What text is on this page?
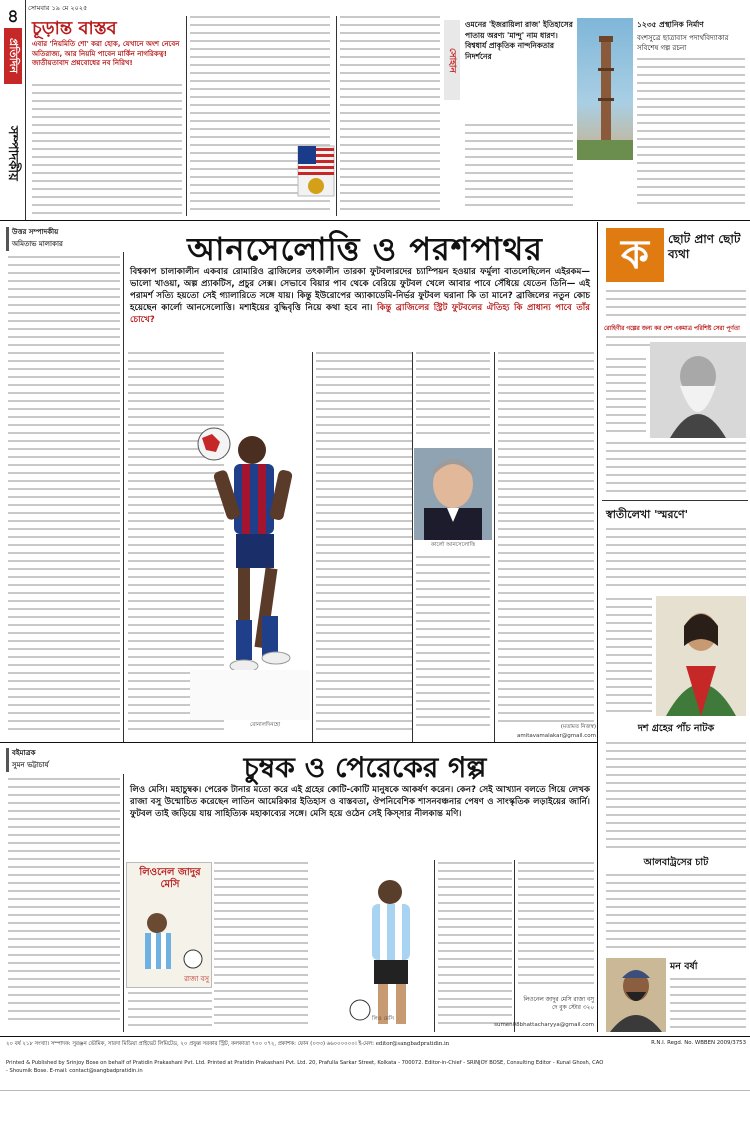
৪
প্রতিদিন
সোমবার ১৯ মে ২০২৫
সম্পাদকীয়
চূড়ান্ত বাস্তব
এবার 'নিয়মিতি শো' করা হোক, যেখানে অংশ নেবেন অতিরাজ্য, আর নিয়মি পাবেন মার্কিন নাগরিকত্ব! জাতীয়তাবাদ প্রশ্নবোধের নব নিরিখ!	সোহান
ওমনের 'ইজরায়িলা রাজ' ইতিহাসের পাতায় অরণ্য 'মান্দু' নাম ধারণ। বিশ্বধার্য প্রাকৃতিক নান্দনিকতার নিদর্শনের
১২৩৫ প্রস্থানিক নির্মাণ
বংশসুত্রে ছাত্রাবাস পদার্থবিদ্যাকার সবিশেষ গল্প রচনা
উত্তর সম্পাদকীয়
অমিতাভ মালাকার	আনসেলোত্তি ও পরশপাথর
বিশ্বকাপ চালাকালীন একবার রোমারিও ব্রাজিলের তৎকালীন তারকা ফুটবলারদের চ্যাম্পিয়ন হওয়ার ফর্মুলা বাতলেছিলেন এইরকম— ভালো খাওয়া, অল্প প্র্যাকটিস, প্রচুর সেক্স। সেভাবে বিয়ার পাব থেকে বেরিয়ে ফুটবল খেলে আবার পাবে সেঁধিয়ে যেতেন তিনি— এই পরামর্শ সত্যি হয়তো সেই গ্যালারিতে সঙ্গে যায়। কিন্তু ইউরোপের অ্যাকাডেমি-নির্ভর ফুটবল ঘরানা কি তা মানে? ব্রাজিলের নতুন কোচ হয়েছেন কার্লো আনসেলোত্তি। মশাইয়ের বুদ্ধিবৃত্তি নিয়ে কথা হবে না। কিন্তু ব্রাজিলের স্ট্রিট ফুটবলের ঐতিহ্য কি প্রাধান্য পাবে তাঁর চোখে?
রোনালদিনহো
কার্লো আনসেলোত্তি
(মতামত নিজস্ব)
amitavamalakar@gmail.com
ক	ছোট প্রাণ ছোট ব্যথা
রোহিণীর গল্পের জন্য কর দেশ একমাত্র পরিশিষ্ট সেরা পূর্ণতা
স্বাতীলেখা 'স্মরণে'
দশ গ্রহের পাঁচ নাটক
বইমাত্রক
সুমন ভট্টাচার্য	চুম্বক ও পেরেকের গল্প
লিও মেসি। মহাচুম্বক। পেরেক টানার মতো করে এই গ্রহের কোটি-কোটি মানুষকে আকর্ষণ করেন। কেন? সেই আখ্যান বলতে গিয়ে লেখক রাজা বসু উন্মোচিত করেছেন লাতিন আমেরিকার ইতিহাস ও বাস্তবতা, ঔপনিবেশিক শাসনবঞ্চনার পেষণ ও সাংস্কৃতিক লড়াইয়ের জার্নি। ফুটবল তাই জড়িয়ে যায় সাহিত্যিক মহাকাব্যের সঙ্গে। মেসি হয়ে ওঠেন সেই কিস্সার নীলকান্ত মণি।
লিওনেল জাদুর মেসি
রাজা বসু
লিও মেসি
লিওনেল জাদুর মেসি রাজা বসু দে বুক স্টোর ৩২০
sumen08bhattacharyya@gmail.com
আলবাট্রসের চাট
মন বর্ষা
২০ বর্ষ ২১৮ সংখ্যা। সম্পাদক: সুরঞ্জন ভৌমিক, সারদা মিডিয়া প্রাইভেট লিমিটেড, ২০ প্রফুল্ল সরকার স্ট্রিট, কলকাতা ৭০০ ০৭২, প্রকাশক: ফোন (০৩৩) ৬৬০০০০০০। ই-মেল: editor@sangbadpratidin.in
Printed & Published by Srinjoy Bose on behalf of Pratidin Prakashani Pvt. Ltd. Printed at Pratidin Prakashani Pvt. Ltd. 20, Prafulla Sarkar Street, Kolkata - 700072. Editor-in-Chief - SRINJOY BOSE, Consulting Editor - Kunal Ghosh, CAO - Shoumik Bose. E-mail: contact@sangbadpratidin.in
R.N.I. Regd. No. WBBEN 2009/3753
